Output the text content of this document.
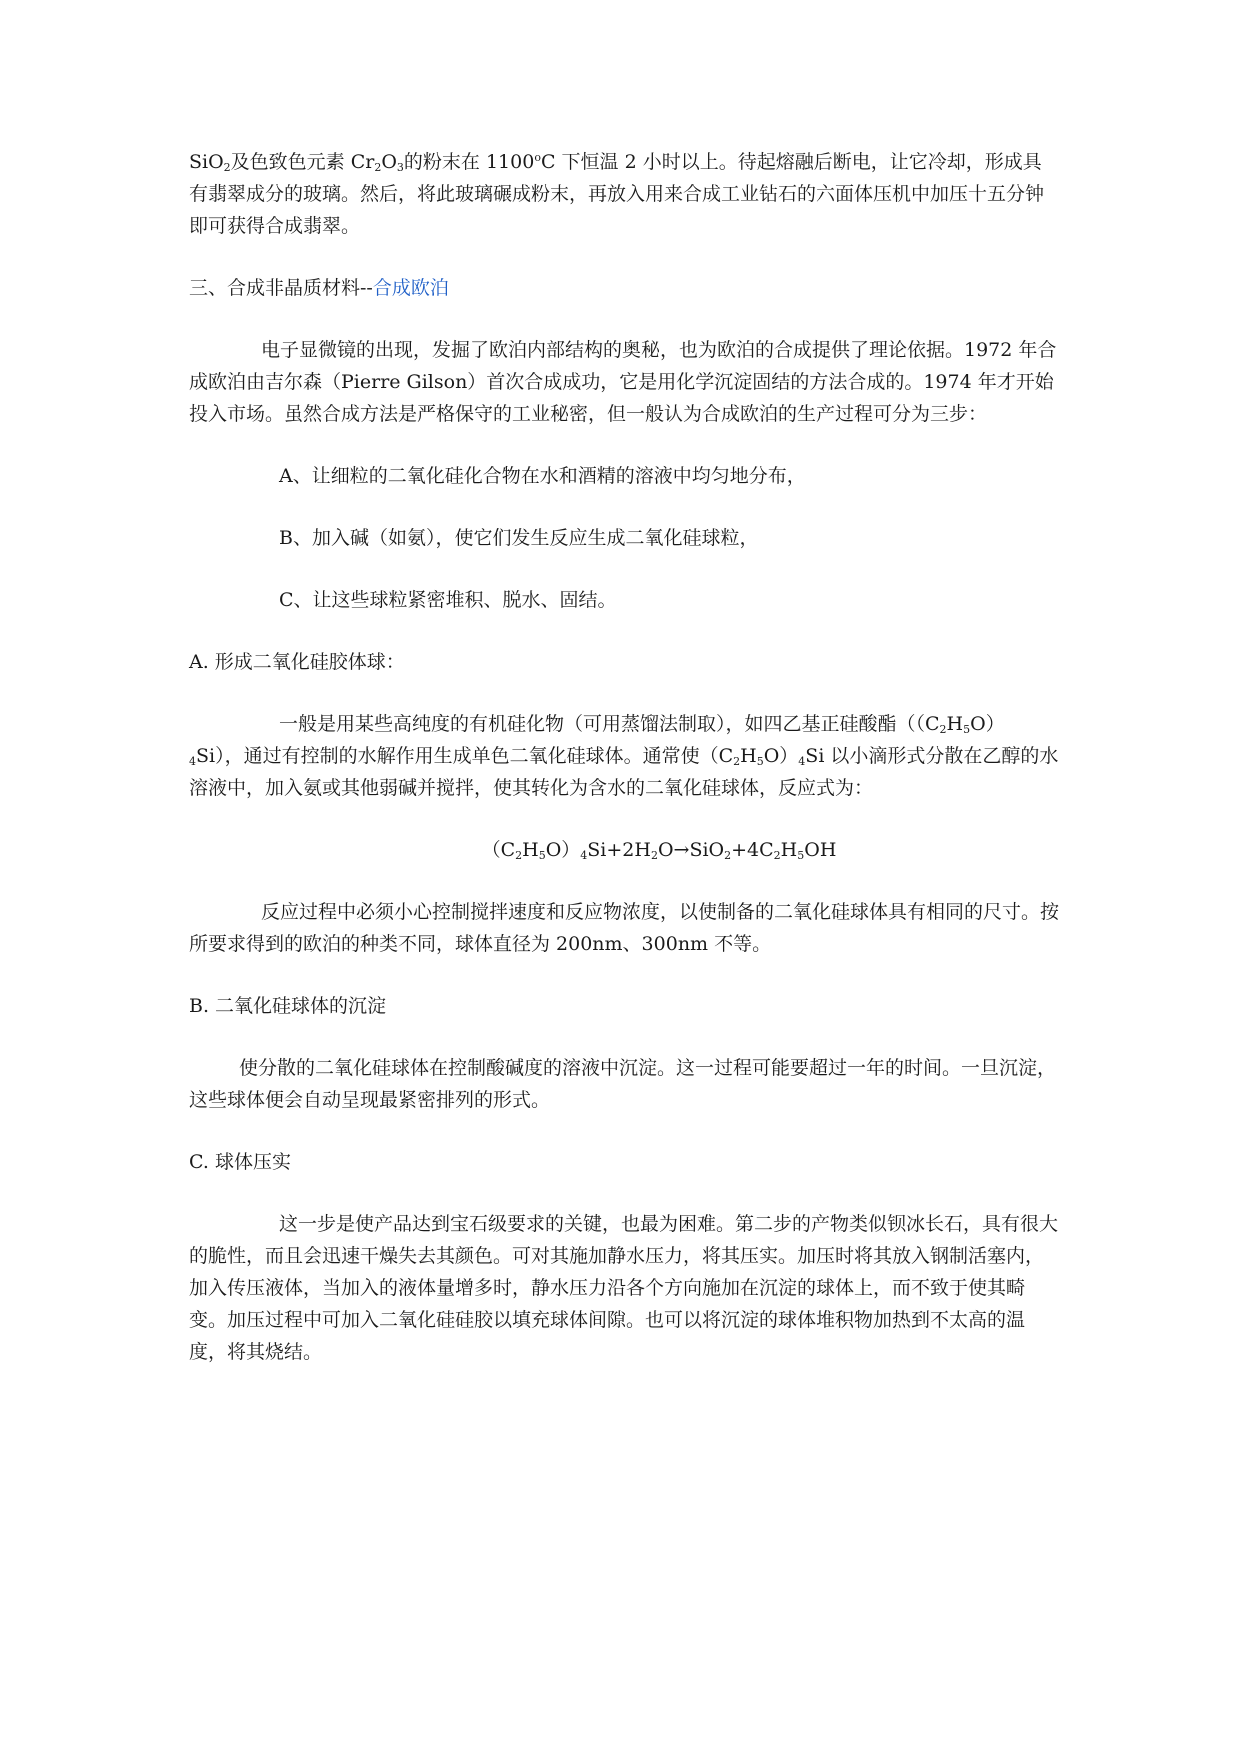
SiO$_2$及色致色元素 $Cr_2O_3$的粉末在 1100$^o$C 下恒温 2 小时以上。待起熔融后断电，让它冷却，形成具有翡翠成分的玻璃。然后，将此玻璃碾成粉末，再放入用来合成工业钻石的六面体压机中加压十五分钟即可获得合成翡翠。

三、合成非晶质材料--合成欧泊

电子显微镜的出现，发掘了欧泊内部结构的奥秘，也为欧泊的合成提供了理论依据。1972 年合成欧泊由吉尔森（Pierre Gilson）首次合成成功，它是用化学沉淀固结的方法合成的。1974 年才开始投入市场。虽然合成方法是严格保守的工业秘密，但一般认为合成欧泊的生产过程可分为三步：

A、让细粒的二氧化硅化合物在水和酒精的溶液中均匀地分布，

B、加入碱（如氨），使它们发生反应生成二氧化硅球粒，

C、让这些球粒紧密堆积、脱水、固结。

A. 形成二氧化硅胶体球：

一般是用某些高纯度的有机硅化物（可用蒸馏法制取），如四乙基正硅酸酯$((C_2H_5O)_4Si)$，通过有控制的水解作用生成单色二氧化硅球体。通常使$(C_2H_5O)_4Si$ 以小滴形式分散在乙醇的水溶液中，加入氨或其他弱碱并搅拌，使其转化为含水的二氧化硅球体，反应式为：

$(C_2H_5O)_4Si+2H_2O\to SiO_2+4C_2H_5OH$

反应过程中必须小心控制搅拌速度和反应物浓度，以使制备的二氧化硅球体具有相同的尺寸。按所要求得到的欧泊的种类不同，球体直径为 200nm、300nm 不等。

B. 二氧化硅球体的沉淀

使分散的二氧化硅球体在控制酸碱度的溶液中沉淀。这一过程可能要超过一年的时间。一旦沉淀，这些球体便会自动呈现最紧密排列的形式。

C. 球体压实

这一步是使产品达到宝石级要求的关键，也最为困难。第二步的产物类似钡冰长石，具有很大的脆性，而且会迅速干燥失去其颜色。可对其施加静水压力，将其压实。加压时将其放入钢制活塞内，加入传压液体，当加入的液体量增多时，静水压力沿各个方向施加在沉淀的球体上，而不致于使其畸变。加压过程中可加入二氧化硅硅胶以填充球体间隙。也可以将沉淀的球体堆积物加热到不太高的温度，将其烧结。
